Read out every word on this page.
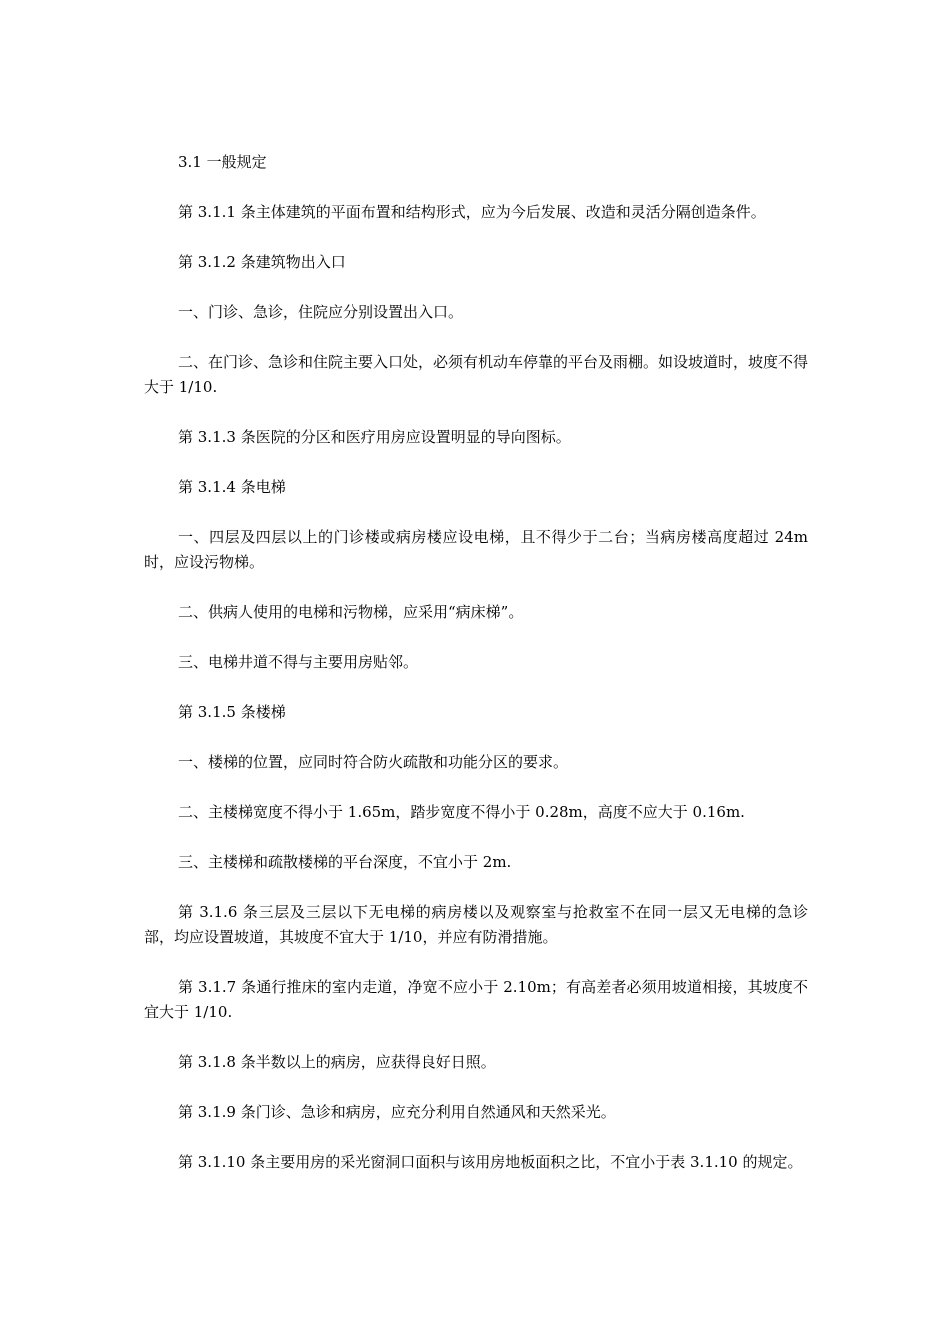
3.1 一般规定

第 3.1.1 条主体建筑的平面布置和结构形式，应为今后发展、改造和灵活分隔创造条件。

第 3.1.2 条建筑物出入口

一、门诊、急诊，住院应分别设置出入口。

二、在门诊、急诊和住院主要入口处，必须有机动车停靠的平台及雨棚。如设坡道时，坡度不得大于 1/10.

第 3.1.3 条医院的分区和医疗用房应设置明显的导向图标。

第 3.1.4 条电梯

一、四层及四层以上的门诊楼或病房楼应设电梯，且不得少于二台；当病房楼高度超过 24m 时，应设污物梯。

二、供病人使用的电梯和污物梯，应采用“病床梯”。

三、电梯井道不得与主要用房贴邻。

第 3.1.5 条楼梯

一、楼梯的位置，应同时符合防火疏散和功能分区的要求。

二、主楼梯宽度不得小于 1.65m，踏步宽度不得小于 0.28m，高度不应大于 0.16m.

三、主楼梯和疏散楼梯的平台深度，不宜小于 2m.

第 3.1.6 条三层及三层以下无电梯的病房楼以及观察室与抢救室不在同一层又无电梯的急诊部，均应设置坡道，其坡度不宜大于 1/10，并应有防滑措施。

第 3.1.7 条通行推床的室内走道，净宽不应小于 2.10m；有高差者必须用坡道相接，其坡度不宜大于 1/10.

第 3.1.8 条半数以上的病房，应获得良好日照。

第 3.1.9 条门诊、急诊和病房，应充分利用自然通风和天然采光。

第 3.1.10 条主要用房的采光窗洞口面积与该用房地板面积之比，不宜小于表 3.1.10 的规定。
